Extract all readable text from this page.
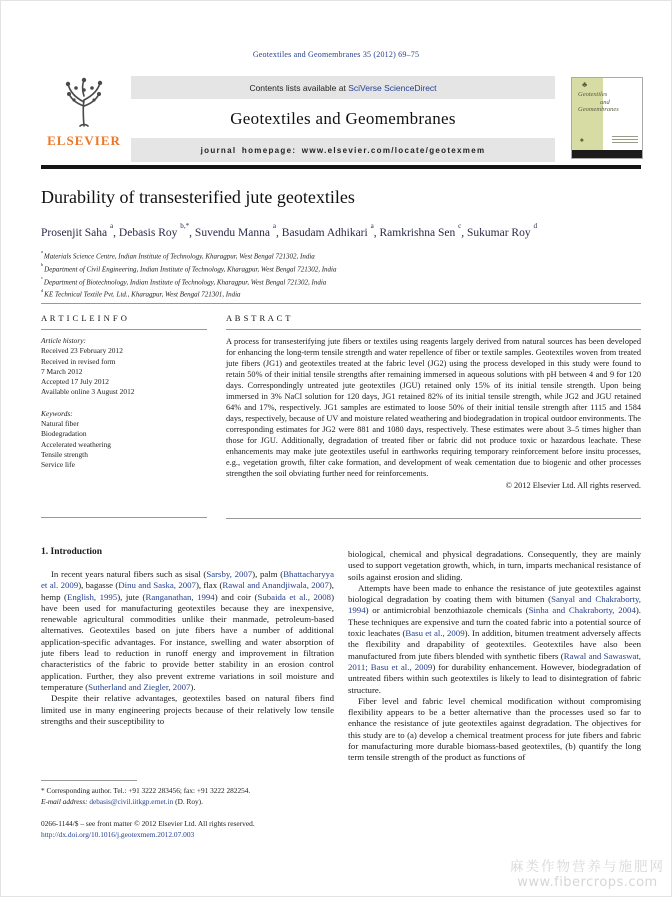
Geotextiles and Geomembranes 35 (2012) 69–75
ELSEVIER
Contents lists available at
SciVerse ScienceDirect
Geotextiles and Geomembranes
journal homepage: www.elsevier.com/locate/geotexmem
♣
Geotextiles
and
Geomembranes
♠
Durability of transesterified jute geotextiles
Prosenjit Saha $^a$, Debasis Roy $^{b,*}$, Suvendu Manna $^a$, Basudam Adhikari $^a$, Ramkrishna Sen $^c$, Sukumar Roy $^d$
$^a$Materials Science Centre, Indian Institute of Technology, Kharagpur, West Bengal 721302, India
$^b$Department of Civil Engineering, Indian Institute of Technology, Kharagpur, West Bengal 721302, India
$^c$Department of Biotechnology, Indian Institute of Technology, Kharagpur, West Bengal 721302, India
$^d$KE Technical Textile Pvt. Ltd., Kharagpur, West Bengal 721301, India
A R T I C L E I N F O
Article history:
Received 23 February 2012
Received in revised form
7 March 2012
Accepted 17 July 2012
Available online 3 August 2012
Keywords:
Natural fiber
Biodegradation
Accelerated weathering
Tensile strength
Service life
A B S T R A C T
A process for transesterifying jute fibers or textiles using reagents largely derived from natural sources has been developed for enhancing the long-term tensile strength and water repellence of fiber or textile samples. Geotextiles woven from treated jute fibers (JG1) and geotextiles treated at the fabric level (JG2) using the process developed in this study were found to retain 50% of their initial tensile strengths after remaining immersed in aqueous solutions with pH between 4 and 9 for 120 days. Correspondingly untreated jute geotextiles (JGU) retained only 15% of its initial tensile strength. Upon being immersed in 3% NaCl solution for 120 days, JG1 retained 82% of its initial tensile strength, while JG2 and JGU retained 64% and 17%, respectively. JG1 samples are estimated to loose 50% of their initial tensile strength after 1115 and 1584 days, respectively, because of UV and moisture related weathering and biodegradation in tropical outdoor environments. The corresponding estimates for JG2 were 881 and 1080 days, respectively. These estimates were about 3–5 times higher than those for JGU. Additionally, degradation of treated fiber or fabric did not produce toxic or hazardous leachate. These enhancements may make jute geotextiles useful in earthworks requiring temporary reinforcement before insitu processes, e.g., vegetation growth, filter cake formation, and development of weak cementation due to biogenic and other processes strengthen the soil obviating further need for reinforcements.
© 2012 Elsevier Ltd. All rights reserved.
1. Introduction
In recent years natural fibers such as sisal (Sarsby, 2007), palm (Bhattacharyya et al. 2009), bagasse (Dinu and Saska, 2007), flax (Rawal and Anandjiwala, 2007), hemp (English, 1995), jute (Ranganathan, 1994) and coir (Subaida et al., 2008) have been used for manufacturing geotextiles because they are inexpensive, renewable agricultural commodities unlike their manmade, petroleum-based alternatives. Geotextiles based on jute fibers have a number of additional application-specific advantages. For instance, swelling and water absorption of jute fibers lead to reduction in runoff energy and improvement in filtration characteristics of the fabric to provide better stability in an erosion control application. Further, they also prevent extreme variations in soil moisture and temperature (Sutherland and Ziegler, 2007).
Despite their relative advantages, geotextiles based on natural fibers find limited use in many engineering projects because of their relatively low tensile strengths and their susceptibility to
biological, chemical and physical degradations. Consequently, they are mainly used to support vegetation growth, which, in turn, imparts mechanical resistance of soils against erosion and sliding.
Attempts have been made to enhance the resistance of jute geotextiles against biological degradation by coating them with bitumen (Sanyal and Chakraborty, 1994) or antimicrobial benzothiazole chemicals (Sinha and Chakraborty, 2004). These techniques are expensive and turn the coated fabric into a potential source of toxic leachates (Basu et al., 2009). In addition, bitumen treatment adversely affects the flexibility and drapability of geotextiles. Geotextiles have also been manufactured from jute fibers blended with synthetic fibers (Rawal and Sawaswat, 2011; Basu et al., 2009) for durability enhancement. However, biodegradation of untreated fibers within such geotextiles is likely to lead to disintegration of fabric structure.
Fiber level and fabric level chemical modification without compromising flexibility appears to be a better alternative than the processes used so far to enhance the resistance of jute geotextiles against degradation. The objectives for this study are to (a) develop a chemical treatment process for jute fibers and fabric for manufacturing more durable biomass-based geotextiles, (b) quantify the long term tensile strength of the product as functions of
* Corresponding author. Tel.: +91 3222 283456; fax: +91 3222 282254.
E-mail address: debasis@civil.iitkgp.ernet.in (D. Roy).
0266-1144/$ – see front matter © 2012 Elsevier Ltd. All rights reserved.
http://dx.doi.org/10.1016/j.geotexmem.2012.07.003
麻类作物营养与施肥网
www.fibercrops.com
